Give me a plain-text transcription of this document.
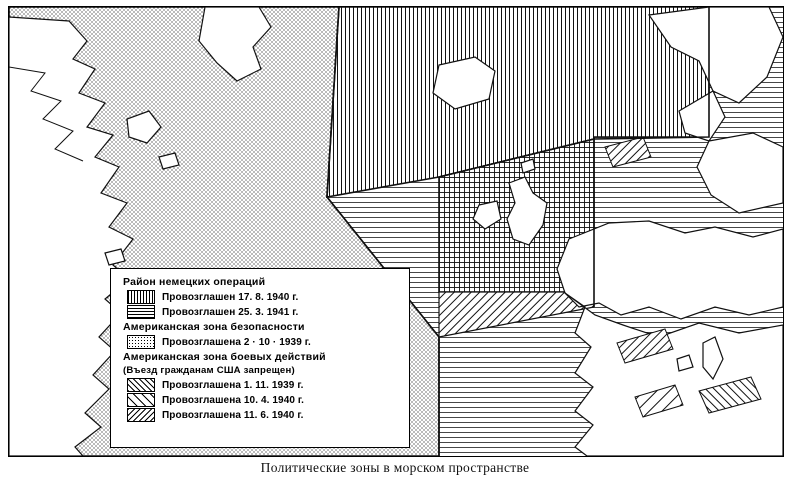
Район немецких операций
Провозглашен 17. 8. 1940 г.
Провозглашен 25. 3. 1941 г.
Американская зона безопасности
Провозглашена 2 · 10 · 1939 г.
Американская зона боевых действий
(Въезд гражданам США запрещен)
Провозглашена 1. 11. 1939 г.
Провозглашена 10. 4. 1940 г.
Провозглашена 11. 6. 1940 г.
Политические зоны в морском пространстве
